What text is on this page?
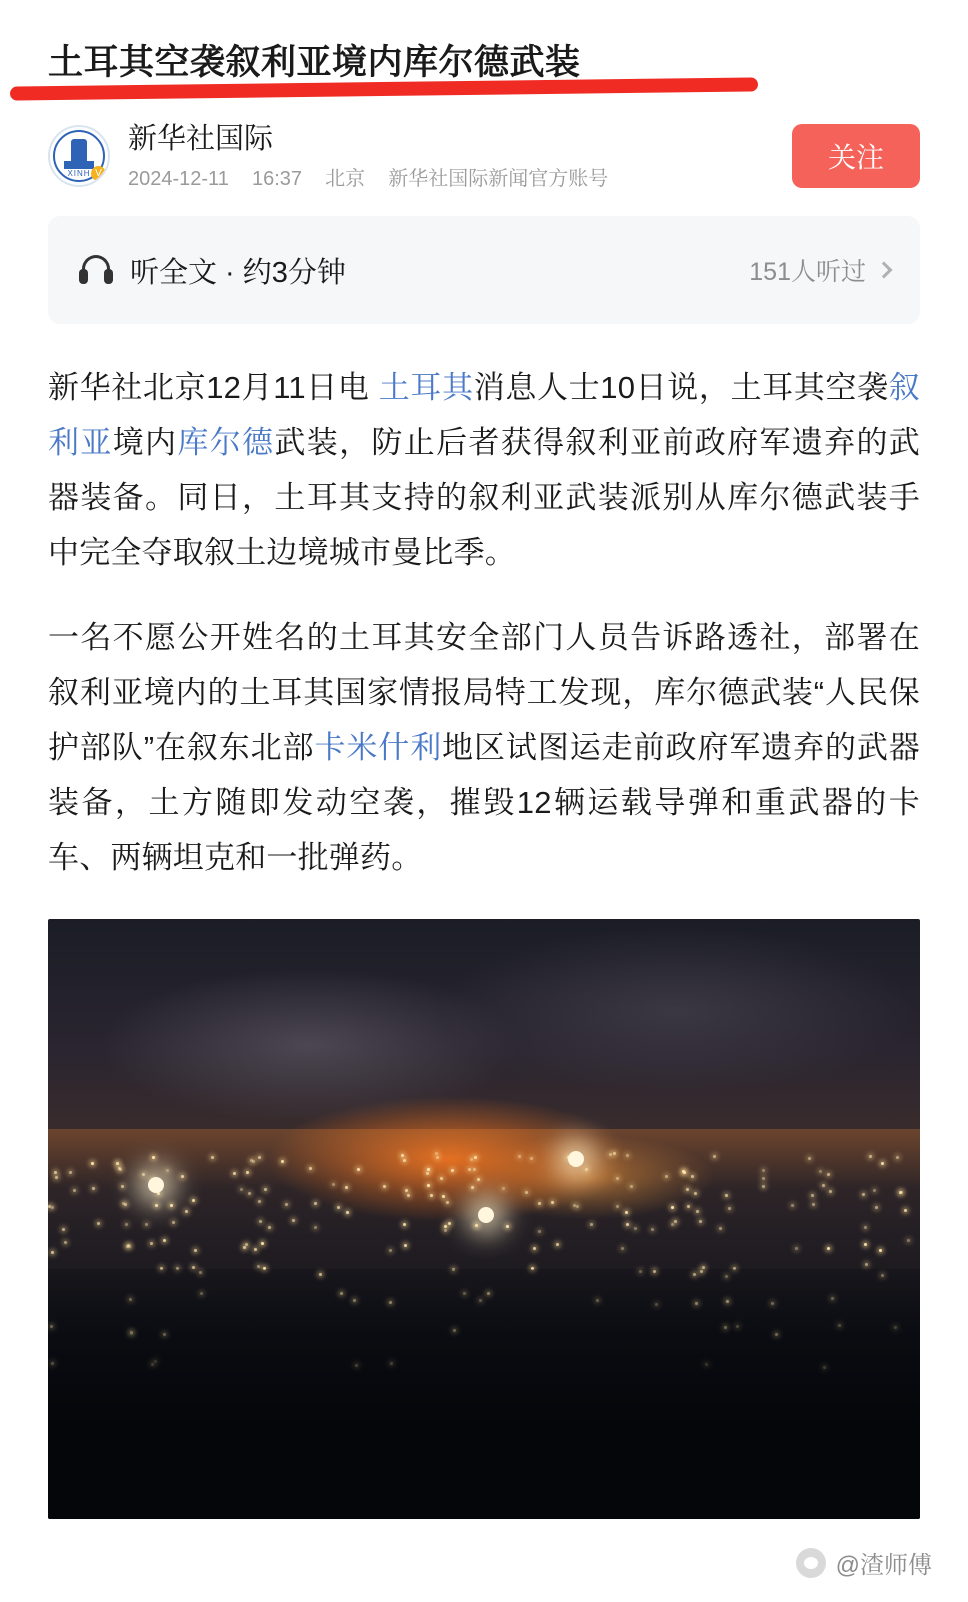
土耳其空袭叙利亚境内库尔德武装
XINH V
新华社国际
2024-12-11 16:37 北京 新华社国际新闻官方账号
关注
听全文 · 约3分钟	151人听过

新华社北京12月11日电 土耳其消息人士10日说，土耳其空袭叙利亚境内库尔德武装，防止后者获得叙利亚前政府军遗弃的武器装备。同日，土耳其支持的叙利亚武装派别从库尔德武装手中完全夺取叙土边境城市曼比季。

一名不愿公开姓名的土耳其安全部门人员告诉路透社，部署在叙利亚境内的土耳其国家情报局特工发现，库尔德武装“人民保护部队”在叙东北部卡米什利地区试图运走前政府军遗弃的武器装备，土方随即发动空袭，摧毁12辆运载导弹和重武器的卡车、两辆坦克和一批弹药。

@渣师傅
